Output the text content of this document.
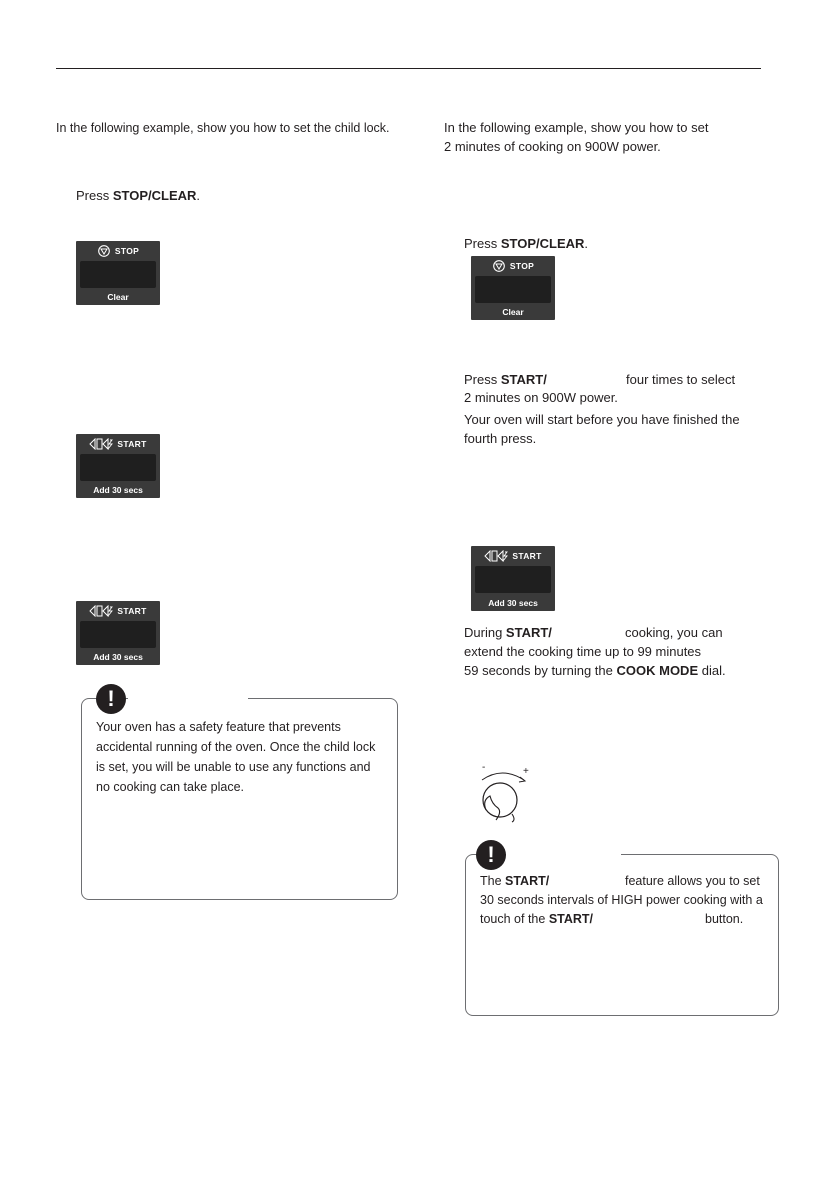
In the following example, show you how to set the child lock.
Press STOP/CLEAR.
STOP
Clear
START
Add 30 secs
START
Add 30 secs
!
Your oven has a safety feature that prevents
accidental running of the oven. Once the child lock
is set, you will be unable to use any functions and
no cooking can take place.
In the following example, show you how to set
2 minutes of cooking on 900W power.
Press STOP/CLEAR.
STOP
Clear
Press START/	four times to select
2 minutes on 900W power.
Your oven will start before you have finished the
fourth press.
START
Add 30 secs
During START/	cooking, you can
extend the cooking time up to 99 minutes
59 seconds by turning the COOK MODE dial.
-	+
!
The START/	feature allows you to set
30 seconds intervals of HIGH power cooking with a
touch of the START/	button.
